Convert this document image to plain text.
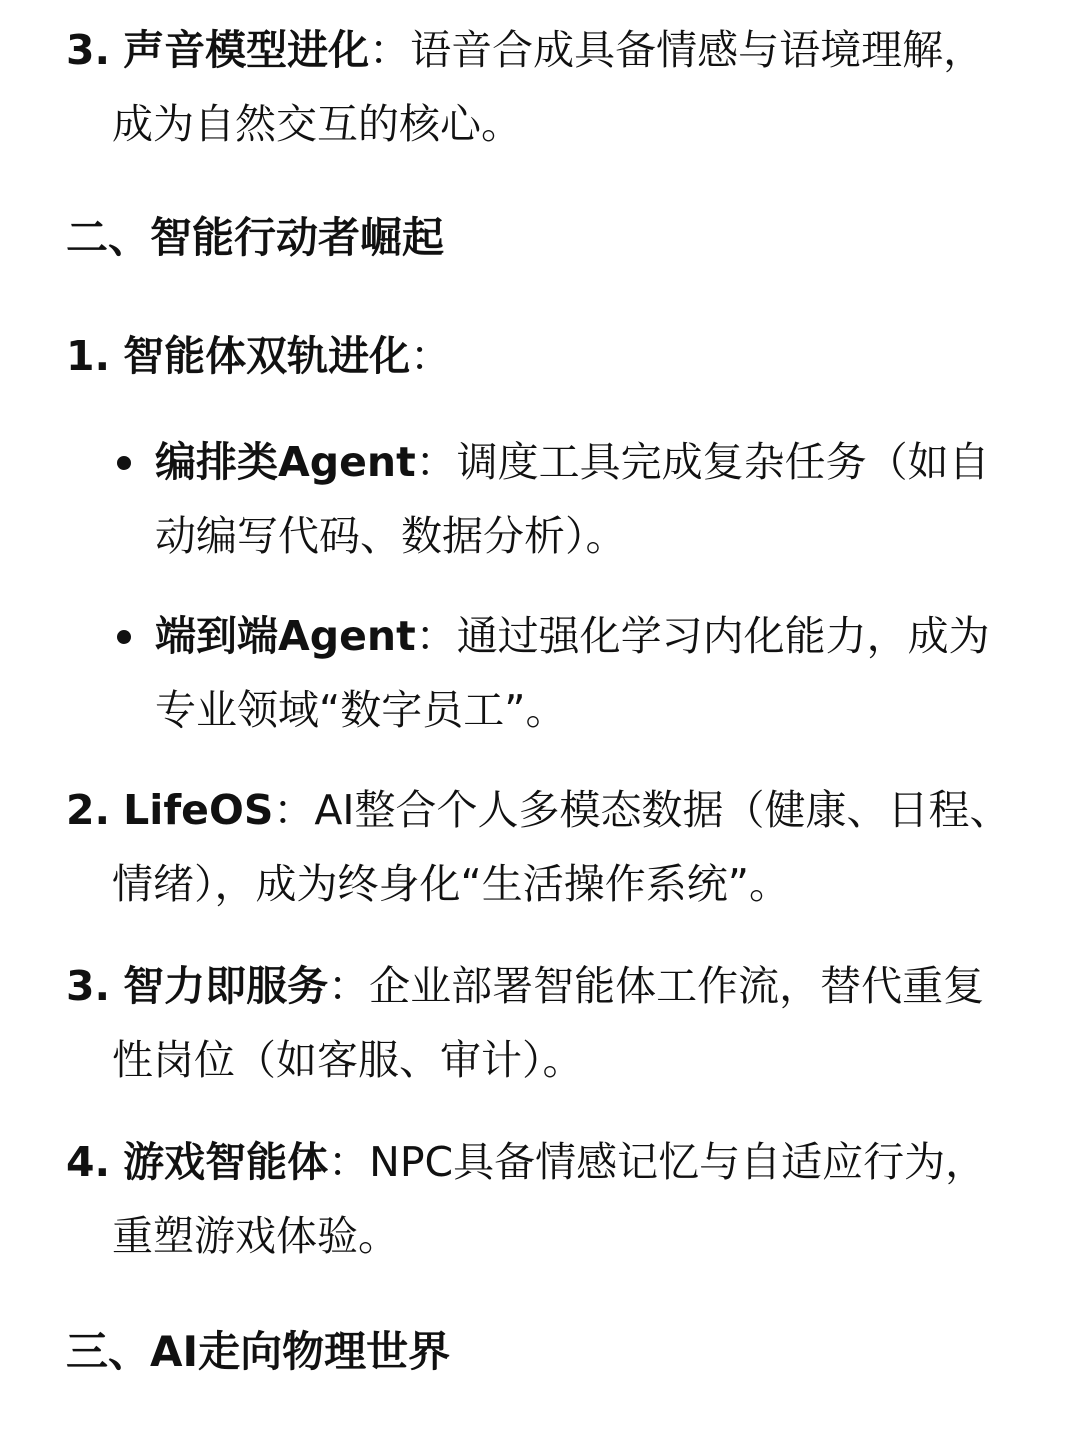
3. 声音模型进化：语音合成具备情感与语境理解，
成为自然交互的核心。
二、智能行动者崛起
1. 智能体双轨进化：
编排类Agent：调度工具完成复杂任务（如自
动编写代码、数据分析）。
端到端Agent：通过强化学习内化能力，成为
专业领域“数字员工”。
2. LifeOS：AI整合个人多模态数据（健康、日程、
情绪），成为终身化“生活操作系统”。
3. 智力即服务：企业部署智能体工作流，替代重复
性岗位（如客服、审计）。
4. 游戏智能体：NPC具备情感记忆与自适应行为，
重塑游戏体验。
三、AI走向物理世界
